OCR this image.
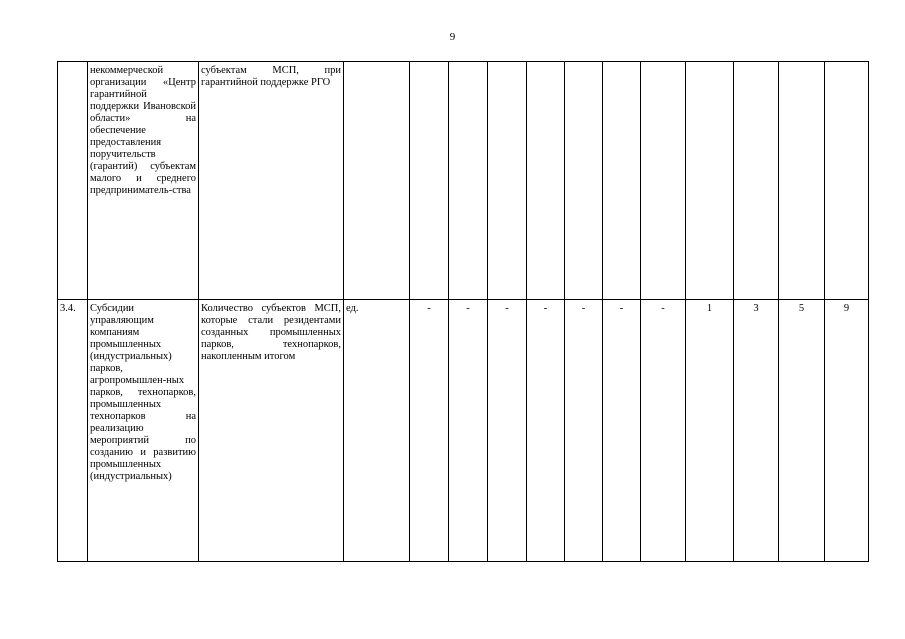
9
	некоммерческой организации «Центр гарантийной поддержки Ивановской области» на обеспечение предоставления поручительств (гарантий) субъектам малого и среднего предприниматель-ства	субъектам МСП, при гарантийной поддержке РГО												
3.4.	Субсидии управляющим компаниям промышленных (индустриальных) парков, агропромышлен-ных парков, технопарков, промышленных технопарков на реализацию мероприятий по созданию и развитию промышленных (индустриальных)	Количество субъектов МСП, которые стали резидентами созданных промышленных парков, технопарков, накопленным итогом	ед.	-	-	-	-	-	-	-	1	3	5	9
